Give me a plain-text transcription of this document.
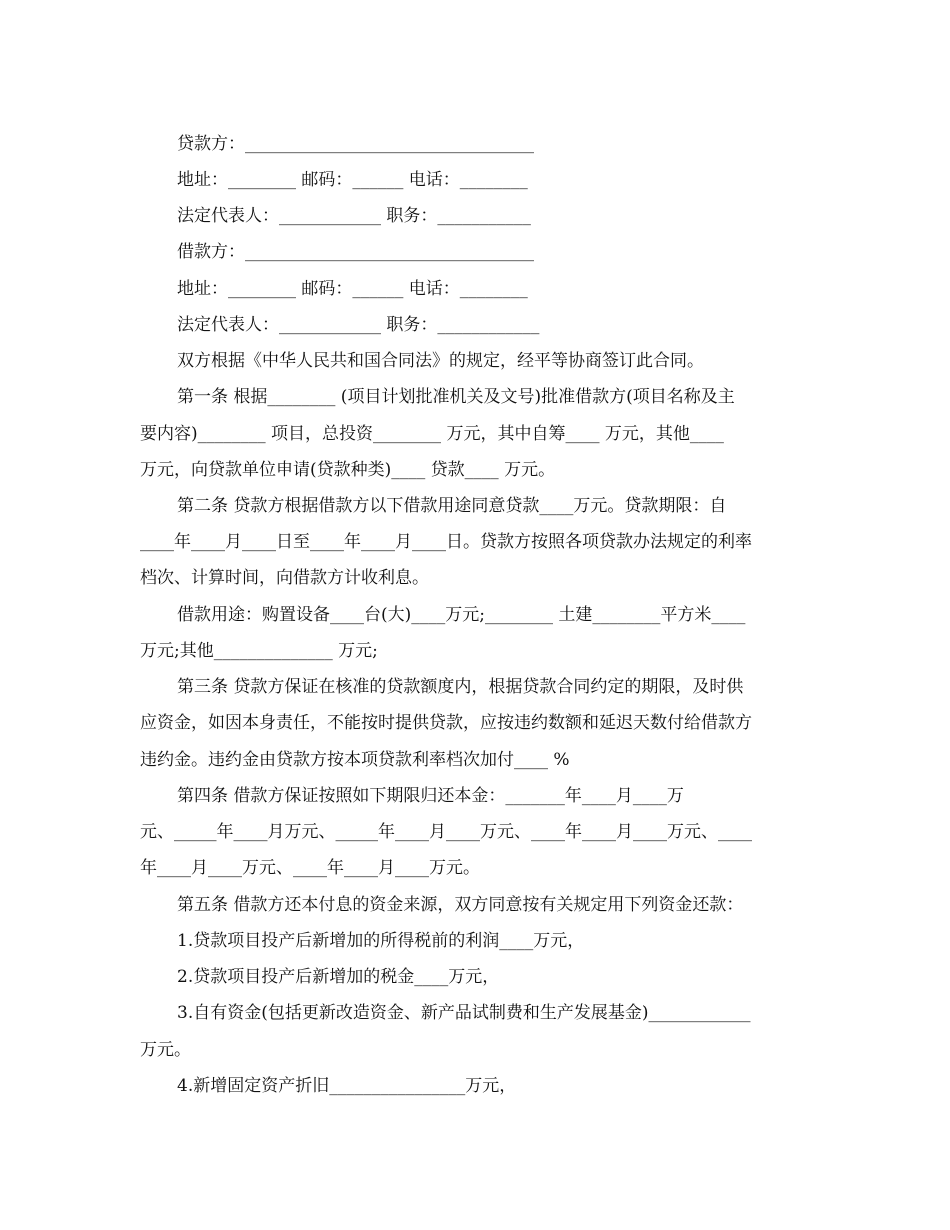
贷款方：__________________________________
地址：________ 邮码：______ 电话：________
法定代表人：____________ 职务：___________
借款方：__________________________________
地址：________ 邮码：______ 电话：________
法定代表人：____________ 职务：____________
双方根据《中华人民共和国合同法》的规定，经平等协商签订此合同。
第一条 根据________ (项目计划批准机关及文号)批准借款方(项目名称及主
要内容)________ 项目，总投资________ 万元，其中自筹____ 万元，其他____
万元，向贷款单位申请(贷款种类)____ 贷款____ 万元。
第二条 贷款方根据借款方以下借款用途同意贷款____万元。贷款期限：自
____年____月____日至____年____月____日。贷款方按照各项贷款办法规定的利率
档次、计算时间，向借款方计收利息。
借款用途：购置设备____台(大)____万元;________ 土建________平方米____
万元;其他______________ 万元;
第三条 贷款方保证在核准的贷款额度内，根据贷款合同约定的期限，及时供
应资金，如因本身责任，不能按时提供贷款，应按违约数额和延迟天数付给借款方
违约金。违约金由贷款方按本项贷款利率档次加付____ %
第四条 借款方保证按照如下期限归还本金：_______年____月____万
元、_____年____月万元、_____年____月____万元、____年____月____万元、____
年____月____万元、____年____月____万元。
第五条 借款方还本付息的资金来源，双方同意按有关规定用下列资金还款：
1.贷款项目投产后新增加的所得税前的利润____万元，
2.贷款项目投产后新增加的税金____万元，
3.自有资金(包括更新改造资金、新产品试制费和生产发展基金)____________
万元。
4.新增固定资产折旧________________万元，
